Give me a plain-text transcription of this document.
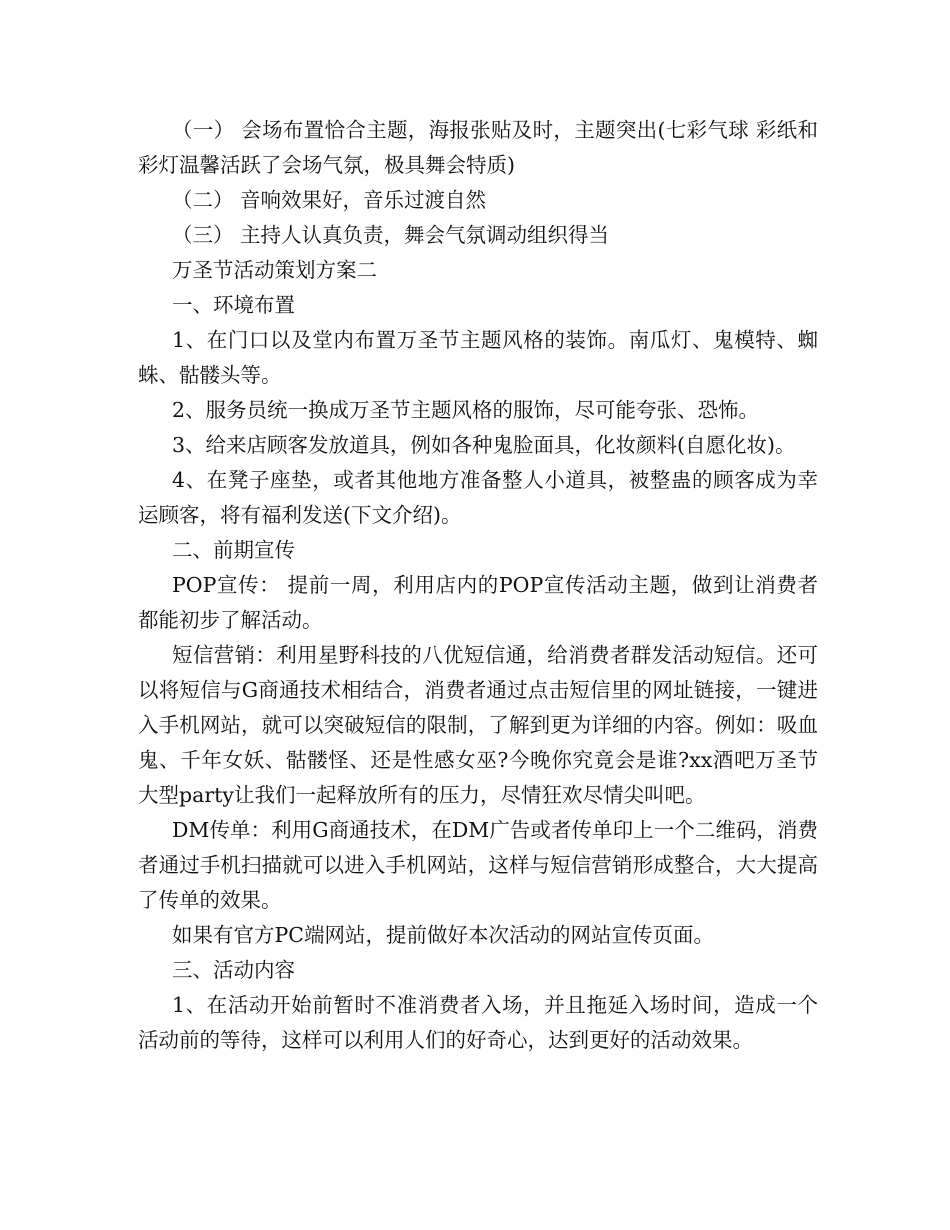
（一） 会场布置恰合主题，海报张贴及时，主题突出(七彩气球 彩纸和彩灯温馨活跃了会场气氛，极具舞会特质)

（二） 音响效果好，音乐过渡自然

（三） 主持人认真负责，舞会气氛调动组织得当

万圣节活动策划方案二

一、环境布置

1、在门口以及堂内布置万圣节主题风格的装饰。南瓜灯、鬼模特、蜘蛛、骷髅头等。

2、服务员统一换成万圣节主题风格的服饰，尽可能夸张、恐怖。

3、给来店顾客发放道具，例如各种鬼脸面具，化妆颜料(自愿化妆)。

4、在凳子座垫，或者其他地方准备整人小道具，被整蛊的顾客成为幸运顾客，将有福利发送(下文介绍)。

二、前期宣传

POP宣传： 提前一周，利用店内的POP宣传活动主题，做到让消费者都能初步了解活动。

短信营销：利用星野科技的八优短信通，给消费者群发活动短信。还可以将短信与G商通技术相结合，消费者通过点击短信里的网址链接，一键进入手机网站，就可以突破短信的限制，了解到更为详细的内容。例如：吸血鬼、千年女妖、骷髅怪、还是性感女巫?今晚你究竟会是谁?xx酒吧万圣节大型party让我们一起释放所有的压力，尽情狂欢尽情尖叫吧。

DM传单：利用G商通技术，在DM广告或者传单印上一个二维码，消费者通过手机扫描就可以进入手机网站，这样与短信营销形成整合，大大提高了传单的效果。

如果有官方PC端网站，提前做好本次活动的网站宣传页面。

三、活动内容

1、在活动开始前暂时不准消费者入场，并且拖延入场时间，造成一个活动前的等待，这样可以利用人们的好奇心，达到更好的活动效果。
